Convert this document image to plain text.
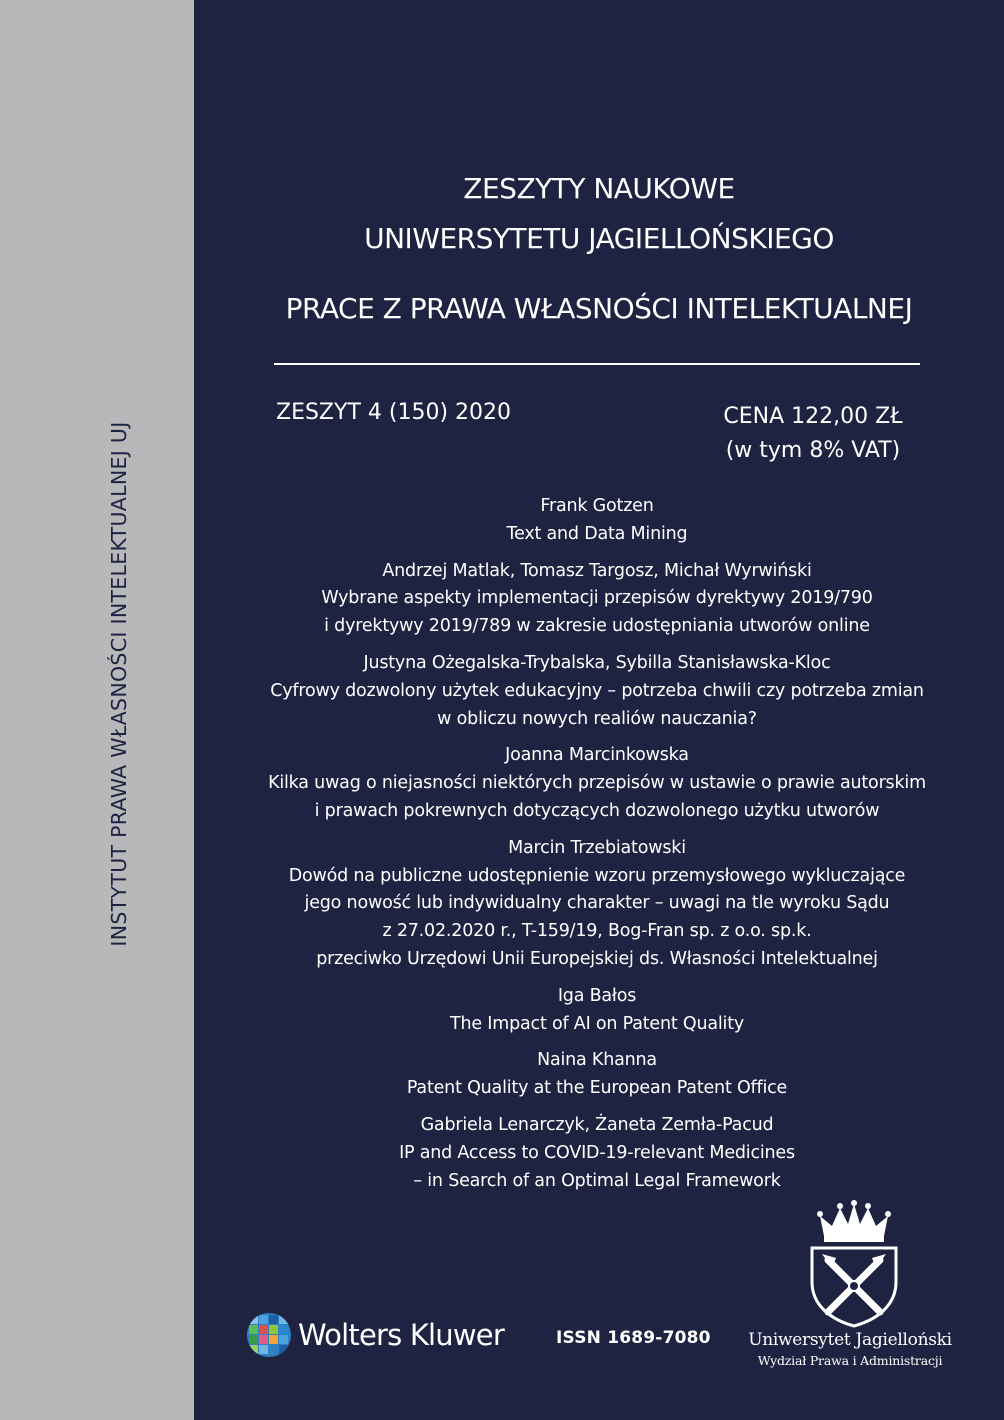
INSTYTUT PRAWA WŁASNOŚCI INTELEKTUALNEJ UJ
ZESZYTY NAUKOWE
UNIWERSYTETU JAGIELLOŃSKIEGO
PRACE Z PRAWA WŁASNOŚCI INTELEKTUALNEJ
ZESZYT 4 (150) 2020	CENA 122,00 ZŁ
(w tym 8% VAT)
Frank Gotzen
Text and Data Mining
Andrzej Matlak, Tomasz Targosz, Michał Wyrwiński
Wybrane aspekty implementacji przepisów dyrektywy 2019/790
i dyrektywy 2019/789 w zakresie udostępniania utworów online
Justyna Ożegalska-Trybalska, Sybilla Stanisławska-Kloc
Cyfrowy dozwolony użytek edukacyjny – potrzeba chwili czy potrzeba zmian
w obliczu nowych realiów nauczania?
Joanna Marcinkowska
Kilka uwag o niejasności niektórych przepisów w ustawie o prawie autorskim
i prawach pokrewnych dotyczących dozwolonego użytku utworów
Marcin Trzebiatowski
Dowód na publiczne udostępnienie wzoru przemysłowego wykluczające
jego nowość lub indywidualny charakter – uwagi na tle wyroku Sądu
z 27.02.2020 r., T-159/19, Bog-Fran sp. z o.o. sp.k.
przeciwko Urzędowi Unii Europejskiej ds. Własności Intelektualnej
Iga Bałos
The Impact of AI on Patent Quality
Naina Khanna
Patent Quality at the European Patent Office
Gabriela Lenarczyk, Żaneta Zemła-Pacud
IP and Access to COVID-19-relevant Medicines
– in Search of an Optimal Legal Framework
Wolters Kluwer	ISSN 1689-7080	Uniwersytet Jagielloński
Wydział Prawa i Administracji
